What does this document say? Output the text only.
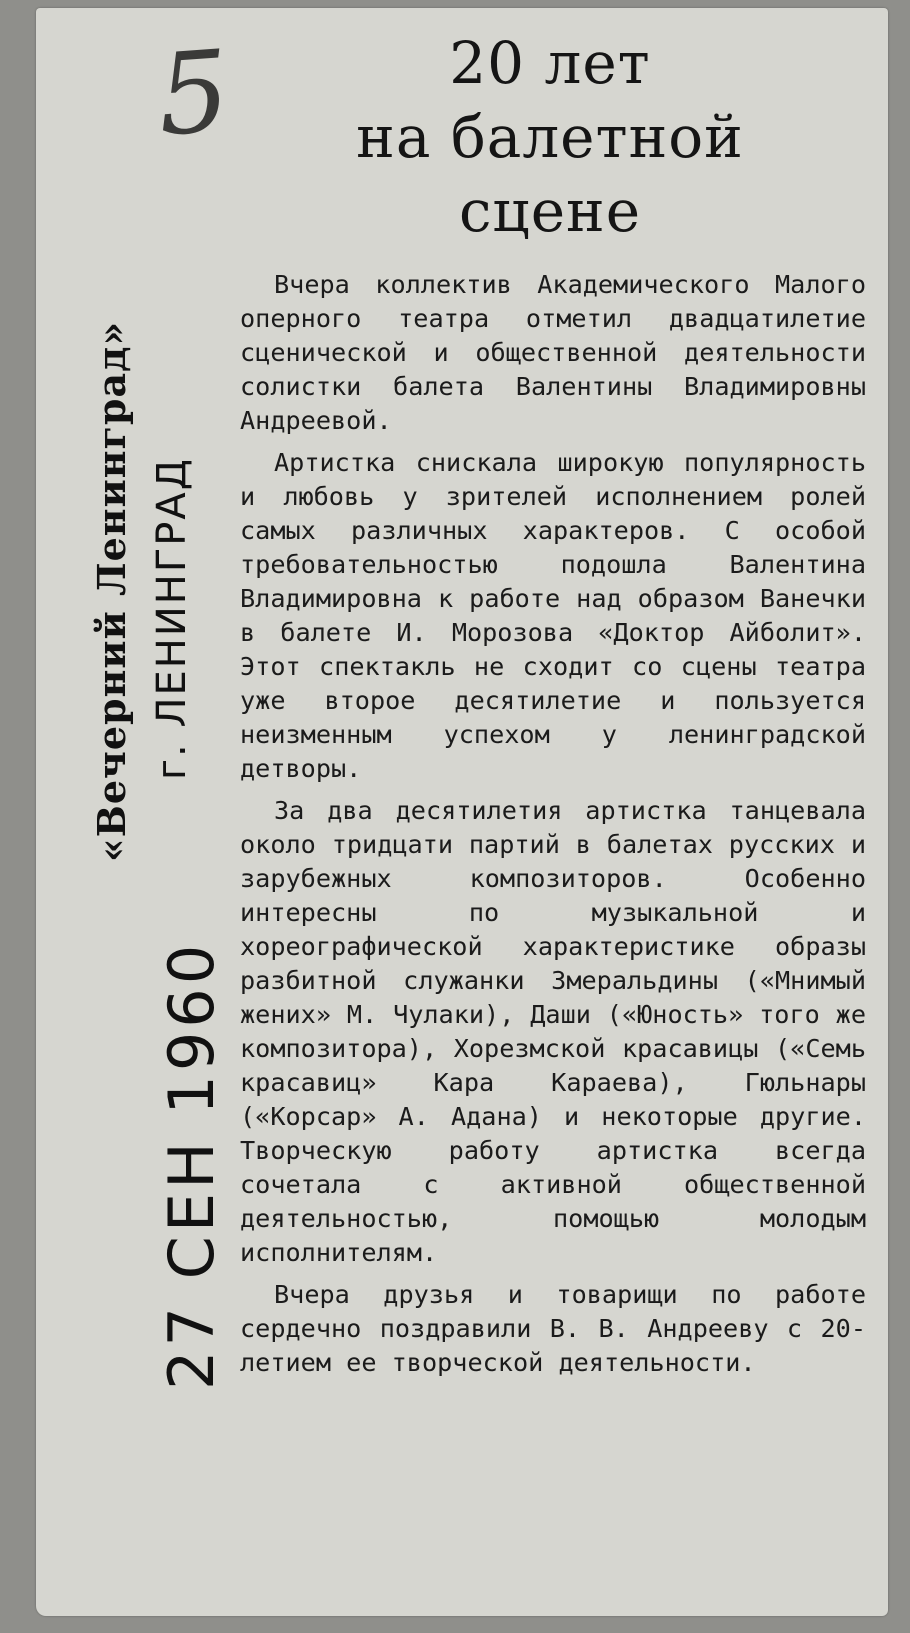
5	20 лет
на балетной
сцене
«Вечерний Ленинград» г. ЛЕНИНГРАД
27 СЕН 1960

Вчера коллектив Академического Малого оперного театра отметил двадцатилетие сценической и общественной деятельности солистки балета Валентины Владимировны Андреевой.

Артистка снискала широкую популярность и любовь у зрителей исполнением ролей самых различных характеров. С особой требовательностью подошла Валентина Владимировна к работе над образом Ванечки в балете И. Морозова «Доктор Айболит». Этот спектакль не сходит со сцены театра уже второе десятилетие и пользуется неизменным успехом у ленинградской детворы.

За два десятилетия артистка танцевала около тридцати партий в балетах русских и зарубежных композиторов. Особенно интересны по музыкальной и хореографической характеристике образы разбитной служанки Змеральдины («Мнимый жених» М. Чулаки), Даши («Юность» того же композитора), Хорезмской красавицы («Семь красавиц» Кара Караева), Гюльнары («Корсар» А. Адана) и некоторые другие. Творческую работу артистка всегда сочетала с активной общественной деятельностью, помощью молодым исполнителям.

Вчера друзья и товарищи по работе сердечно поздравили В. В. Андрееву с 20-летием ее творческой деятельности.
